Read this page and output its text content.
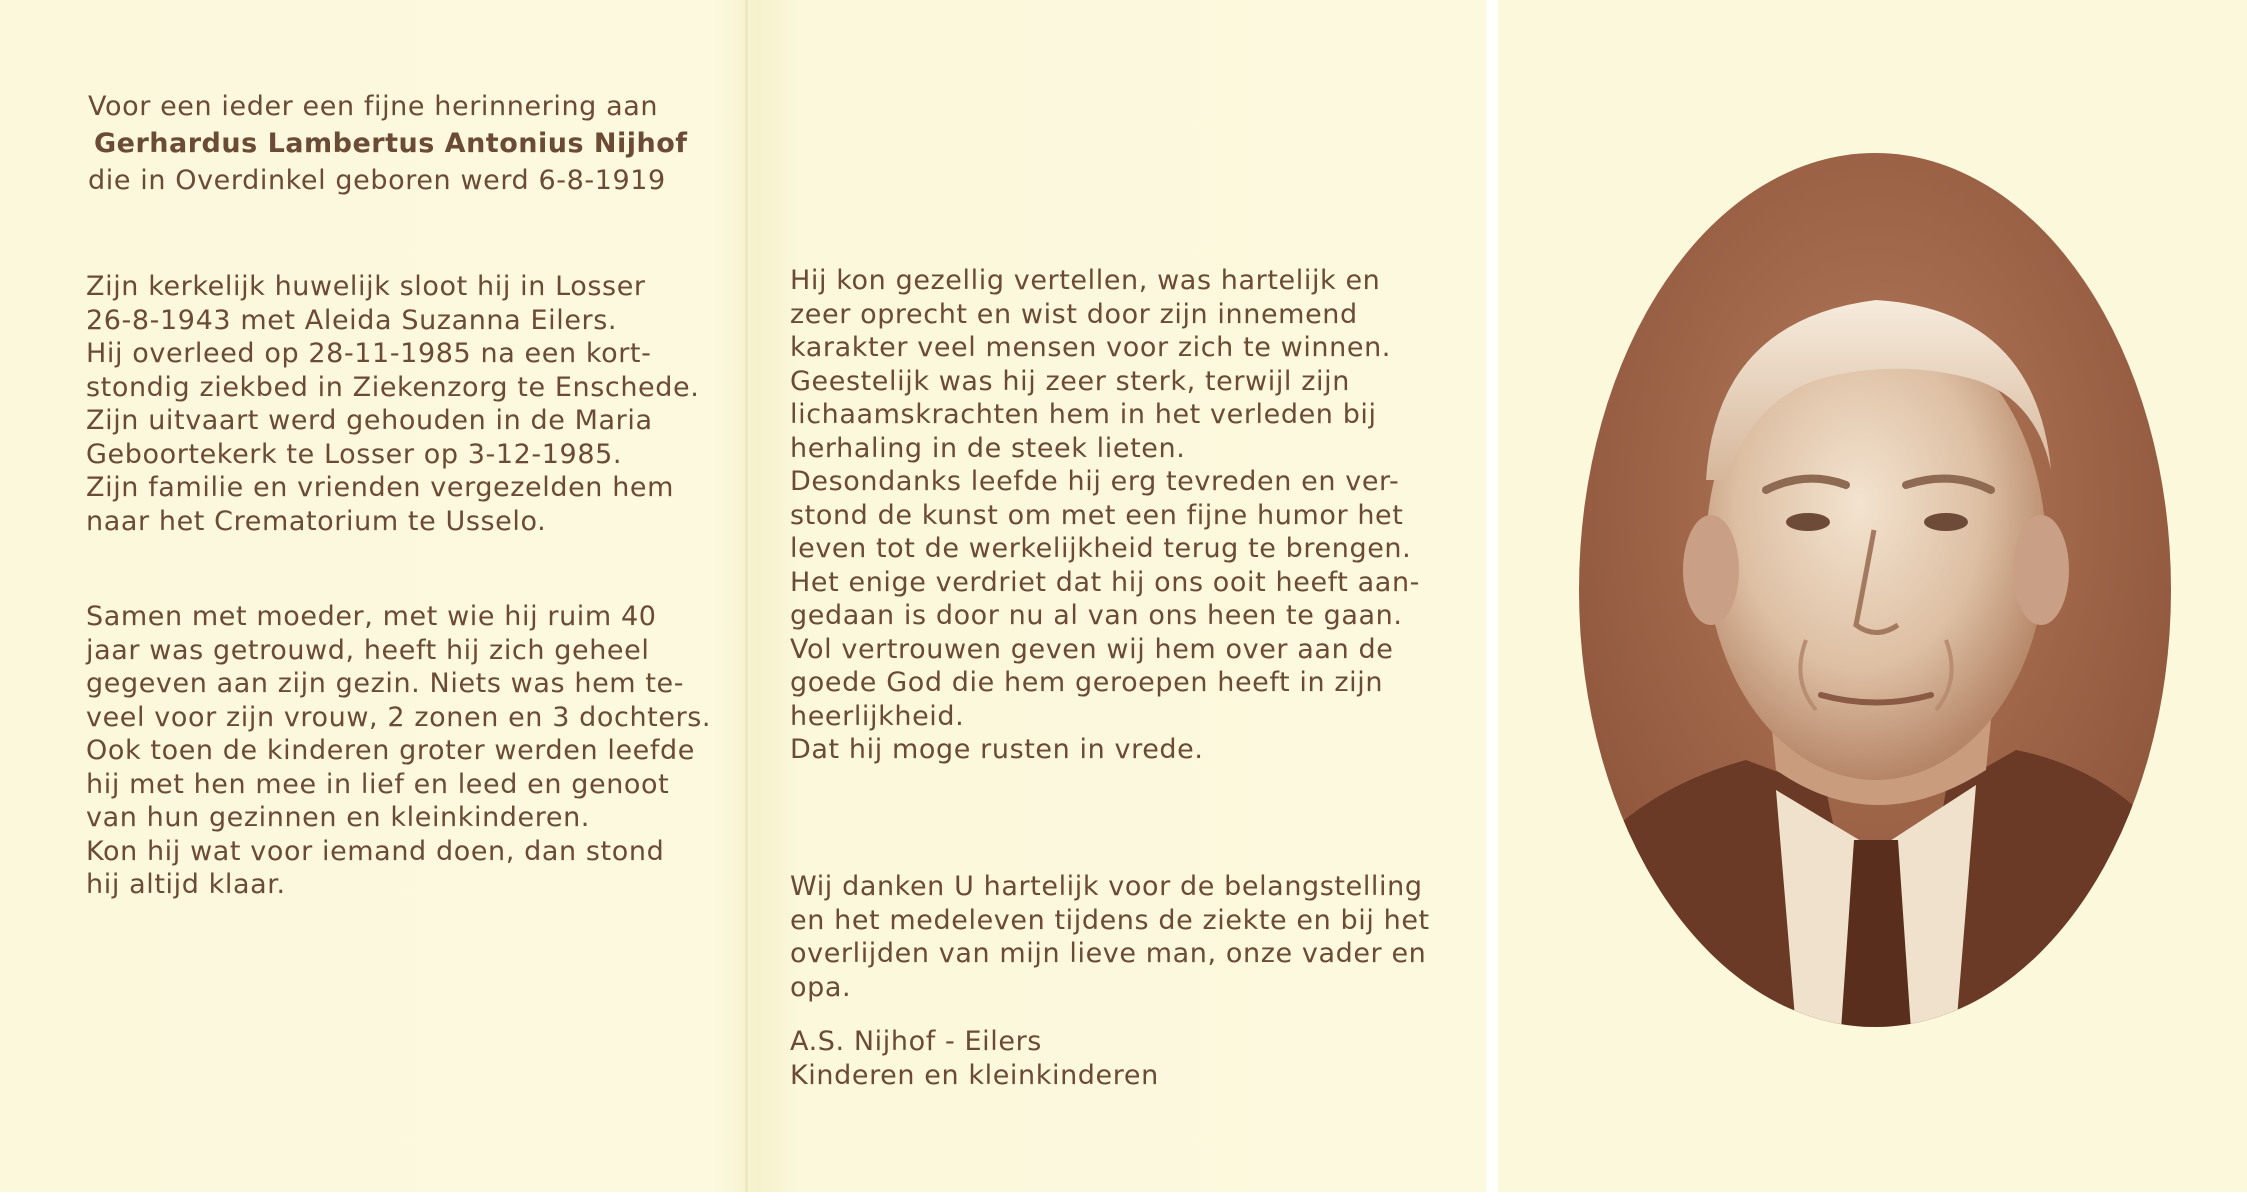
Voor een ieder een fijne herinnering aan
Gerhardus Lambertus Antonius Nijhof
die in Overdinkel geboren werd 6-8-1919
Zijn kerkelijk huwelijk sloot hij in Losser
26-8-1943 met Aleida Suzanna Eilers.
Hij overleed op 28-11-1985 na een kort-
stondig ziekbed in Ziekenzorg te Enschede.
Zijn uitvaart werd gehouden in de Maria
Geboortekerk te Losser op 3-12-1985.
Zijn familie en vrienden vergezelden hem
naar het Crematorium te Usselo.
Samen met moeder, met wie hij ruim 40
jaar was getrouwd, heeft hij zich geheel
gegeven aan zijn gezin. Niets was hem te-
veel voor zijn vrouw, 2 zonen en 3 dochters.
Ook toen de kinderen groter werden leefde
hij met hen mee in lief en leed en genoot
van hun gezinnen en kleinkinderen.
Kon hij wat voor iemand doen, dan stond
hij altijd klaar.
Hij kon gezellig vertellen, was hartelijk en
zeer oprecht en wist door zijn innemend
karakter veel mensen voor zich te winnen.
Geestelijk was hij zeer sterk, terwijl zijn
lichaamskrachten hem in het verleden bij
herhaling in de steek lieten.
Desondanks leefde hij erg tevreden en ver-
stond de kunst om met een fijne humor het
leven tot de werkelijkheid terug te brengen.
Het enige verdriet dat hij ons ooit heeft aan-
gedaan is door nu al van ons heen te gaan.
Vol vertrouwen geven wij hem over aan de
goede God die hem geroepen heeft in zijn
heerlijkheid.
Dat hij moge rusten in vrede.
Wij danken U hartelijk voor de belangstelling
en het medeleven tijdens de ziekte en bij het
overlijden van mijn lieve man, onze vader en
opa.
A.S. Nijhof - Eilers
Kinderen en kleinkinderen
